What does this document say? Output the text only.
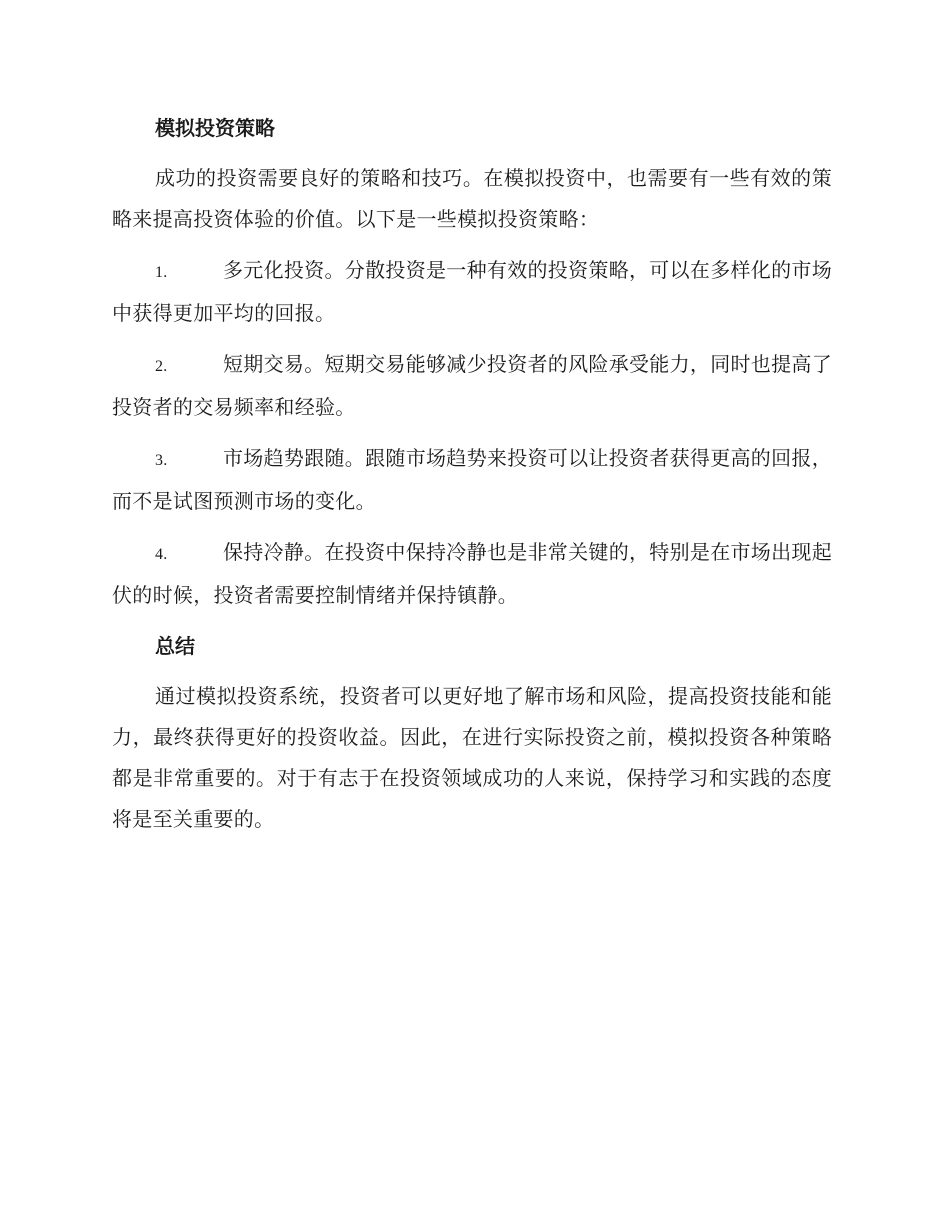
模拟投资策略

成功的投资需要良好的策略和技巧。在模拟投资中，也需要有一些有效的策略来提高投资体验的价值。以下是一些模拟投资策略：

1.	多元化投资。分散投资是一种有效的投资策略，可以在多样化的市场中获得更加平均的回报。

2.	短期交易。短期交易能够减少投资者的风险承受能力，同时也提高了投资者的交易频率和经验。

3.	市场趋势跟随。跟随市场趋势来投资可以让投资者获得更高的回报，而不是试图预测市场的变化。

4.	保持冷静。在投资中保持冷静也是非常关键的，特别是在市场出现起伏的时候，投资者需要控制情绪并保持镇静。

总结

通过模拟投资系统，投资者可以更好地了解市场和风险，提高投资技能和能力，最终获得更好的投资收益。因此，在进行实际投资之前，模拟投资各种策略都是非常重要的。对于有志于在投资领域成功的人来说，保持学习和实践的态度将是至关重要的。
